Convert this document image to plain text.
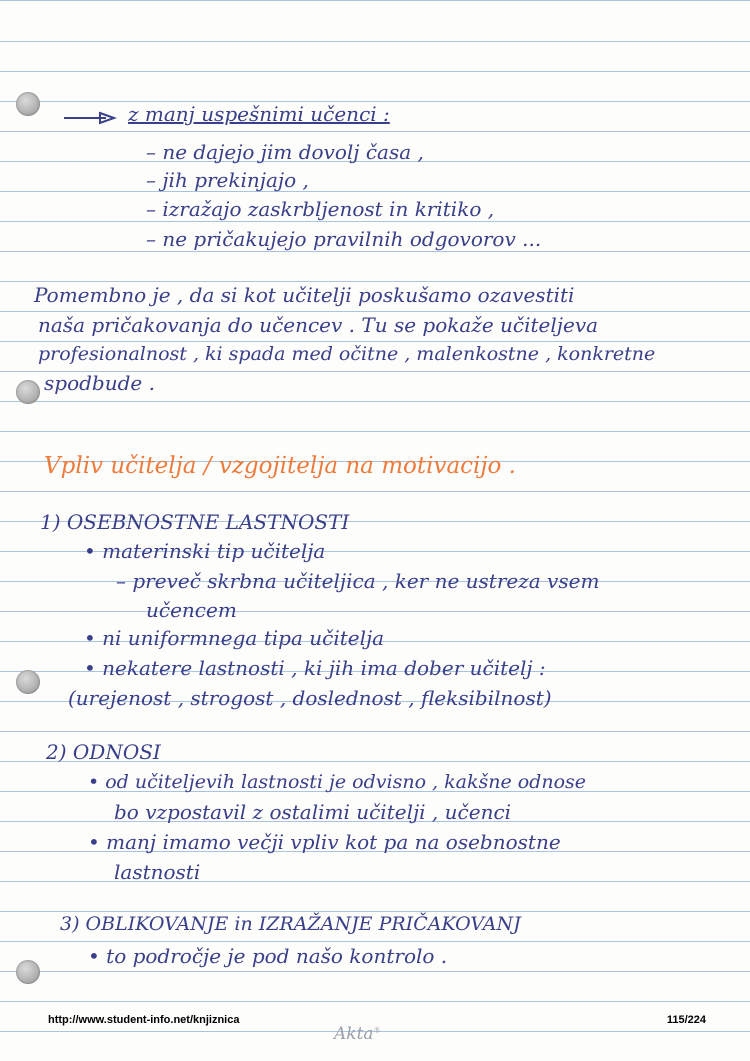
z manj uspešnimi učenci :
– ne dajejo jim dovolj časa ,
– jih prekinjajo ,
– izražajo zaskrbljenost in kritiko ,
– ne pričakujejo pravilnih odgovorov ...
Pomembno je , da si kot učitelji poskušamo ozavestiti
naša pričakovanja do učencev . Tu se pokaže učiteljeva
profesionalnost , ki spada med očitne , malenkostne , konkretne
spodbude .
Vpliv učitelja / vzgojitelja na motivacijo .
1) OSEBNOSTNE LASTNOSTI
• materinski tip učitelja
– preveč skrbna učiteljica , ker ne ustreza vsem
učencem
• ni uniformnega tipa učitelja
• nekatere lastnosti , ki jih ima dober učitelj :
(urejenost , strogost , doslednost , fleksibilnost)
2) ODNOSI
• od učiteljevih lastnosti je odvisno , kakšne odnose
bo vzpostavil z ostalimi učitelji , učenci
• manj imamo večji vpliv kot pa na osebnostne
lastnosti
3) OBLIKOVANJE in IZRAŽANJE PRIČAKOVANJ
• to področje je pod našo kontrolo .
http://www.student-info.net/knjiznica	115/224
Akta®
